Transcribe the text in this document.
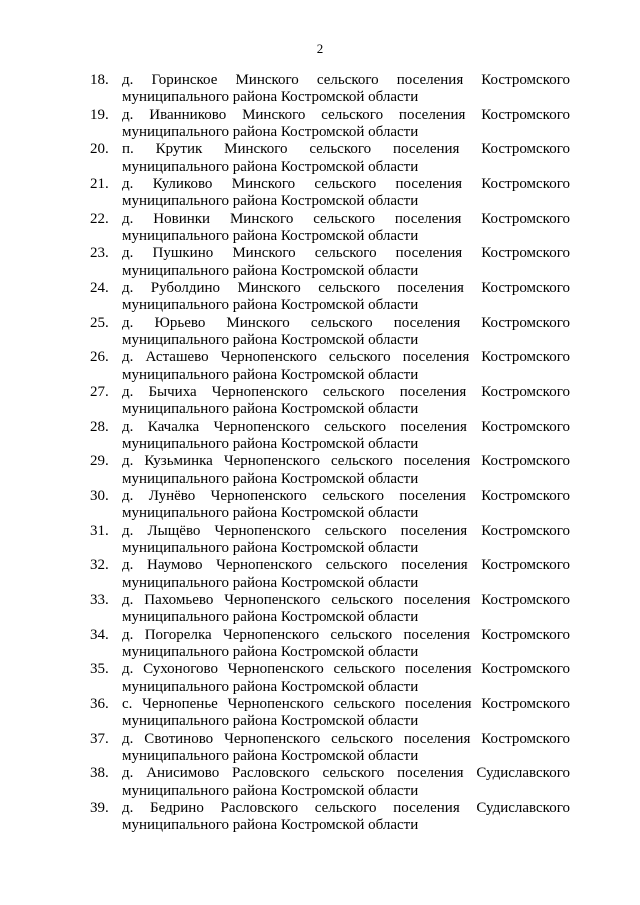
2
18. д. Горинское Минского сельского поселения Костромского муниципального района Костромской области
19. д. Иванниково Минского сельского поселения Костромского муниципального района Костромской области
20. п. Крутик Минского сельского поселения Костромского муниципального района Костромской области
21. д. Куликово Минского сельского поселения Костромского муниципального района Костромской области
22. д. Новинки Минского сельского поселения Костромского муниципального района Костромской области
23. д. Пушкино Минского сельского поселения Костромского муниципального района Костромской области
24. д. Руболдино Минского сельского поселения Костромского муниципального района Костромской области
25. д. Юрьево Минского сельского поселения Костромского муниципального района Костромской области
26. д. Асташево Чернопенского сельского поселения Костромского муниципального района Костромской области
27. д. Бычиха Чернопенского сельского поселения Костромского муниципального района Костромской области
28. д. Качалка Чернопенского сельского поселения Костромского муниципального района Костромской области
29. д. Кузьминка Чернопенского сельского поселения Костромского муниципального района Костромской области
30. д. Лунёво Чернопенского сельского поселения Костромского муниципального района Костромской области
31. д. Лыщёво Чернопенского сельского поселения Костромского муниципального района Костромской области
32. д. Наумово Чернопенского сельского поселения Костромского муниципального района Костромской области
33. д. Пахомьево Чернопенского сельского поселения Костромского муниципального района Костромской области
34. д. Погорелка Чернопенского сельского поселения Костромского муниципального района Костромской области
35. д. Сухоногово Чернопенского сельского поселения Костромского муниципального района Костромской области
36. с. Чернопенье Чернопенского сельского поселения Костромского муниципального района Костромской области
37. д. Свотиново Чернопенского сельского поселения Костромского муниципального района Костромской области
38. д. Анисимово Расловского сельского поселения Судиславского муниципального района Костромской области
39. д. Бедрино Расловского сельского поселения Судиславского муниципального района Костромской области
